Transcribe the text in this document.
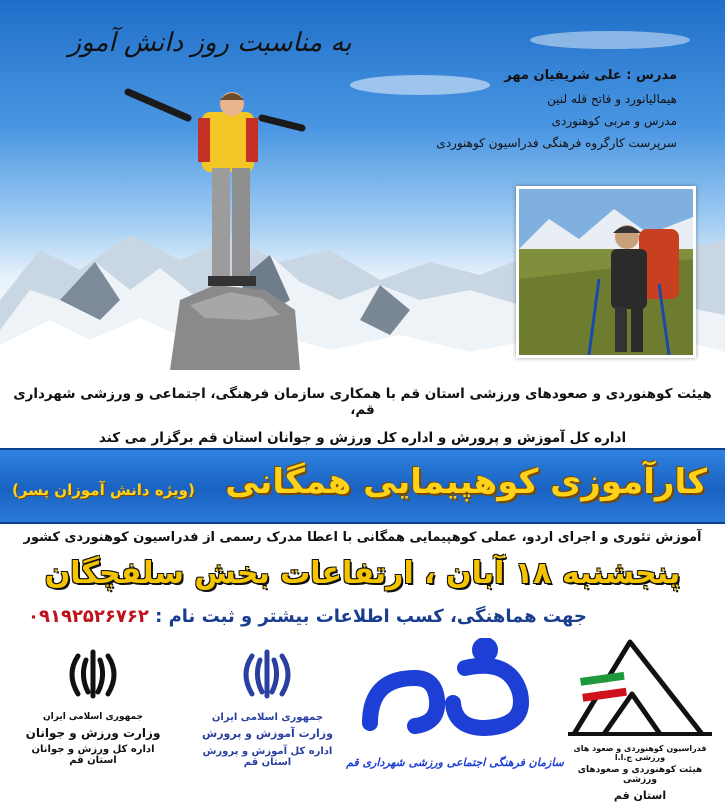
به مناسبت روز دانش آموز
مدرس : علی شریفیان مهر
هیمالیانورد و فاتح قله لنین
مدرس و مربی کوهنوردی
سرپرست کارگروه فرهنگی فدراسیون کوهنوردی
هیئت کوهنوردی و صعودهای ورزشی استان قم با همکاری سازمان فرهنگی، اجتماعی و ورزشی شهرداری قم،
اداره کل آموزش و پرورش و اداره کل ورزش و جوانان استان قم برگزار می کند
کارآموزی کوهپیمایی همگانی
(ویژه دانش آموزان پسر)
آموزش تئوری و اجرای اردو، عملی کوهپیمایی همگانی با اعطا مدرک رسمی از فدراسیون کوهنوردی کشور
پنجشنبه ۱۸ آبان ، ارتفاعات بخش سلفچگان
جهت هماهنگی، کسب اطلاعات بیشتر و ثبت نام : ۰۹۱۹۲۵۲۶۷۶۲
جمهوری اسلامی ایران
وزارت ورزش و جوانان
اداره کل ورزش و جوانان استان قم
جمهوری اسلامی ایران
وزارت آموزش و پرورش
اداره کل آموزش و پرورش استان قم	سازمان فرهنگی اجتماعی ورزشی شهرداری قم
فدراسیون کوهنوردی و صعود های ورزشی ج.ا.ا
هیئت کوهنوردی و صعودهای ورزشی
استان قم
